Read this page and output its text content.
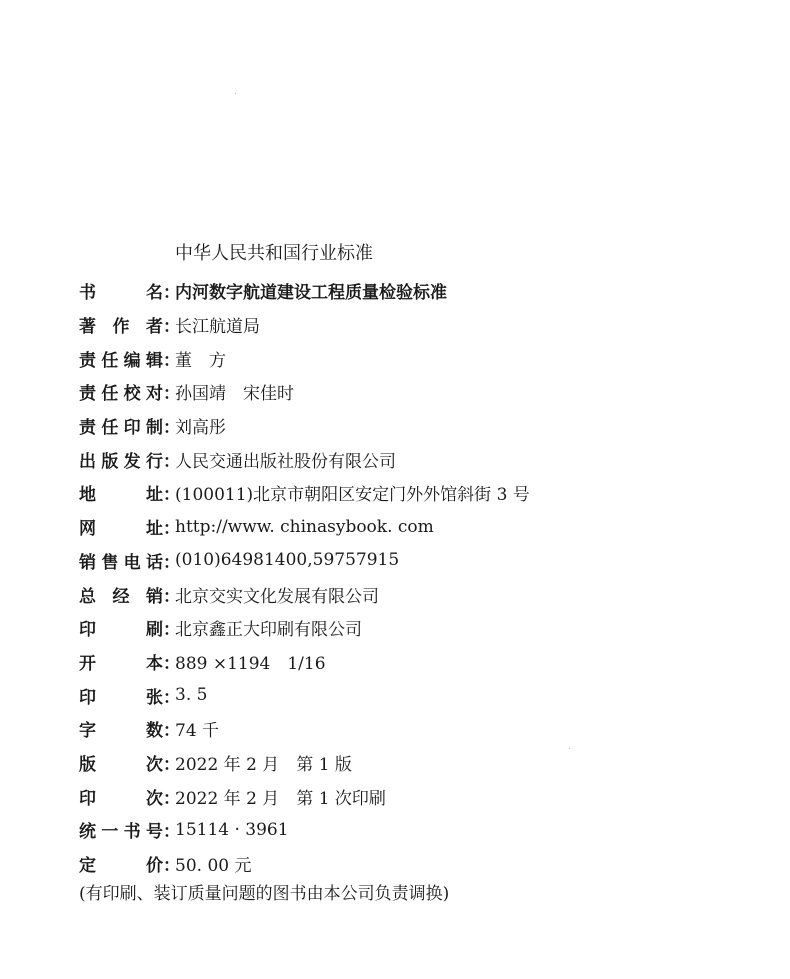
中华人民共和国行业标准
书	名 ：
内河数字航道建设工程质量检验标准
著 作 者 ：
长江航道局
责 任 编 辑 ：
董　方
责 任 校 对 ：
孙国靖　宋佳时
责 任 印 制 ：
刘高彤
出 版 发 行 ：
人民交通出版社股份有限公司
地	址 ：
(100011)北京市朝阳区安定门外外馆斜街 3 号
网	址 ：
http://www. chinasybook. com
销 售 电 话 ：
(010)64981400,59757915
总 经 销 ：
北京交实文化发展有限公司
印	刷 ：
北京鑫正大印刷有限公司
开	本 ：
889 ×1194　1/16
印	张 ：
3. 5
字	数 ：
74 千
版	次 ：
2022 年 2 月　第 1 版
印	次 ：
2022 年 2 月　第 1 次印刷
统 一 书 号 ：
15114 · 3961
定	价 ：
50. 00 元
(有印刷、装订质量问题的图书由本公司负责调换)
